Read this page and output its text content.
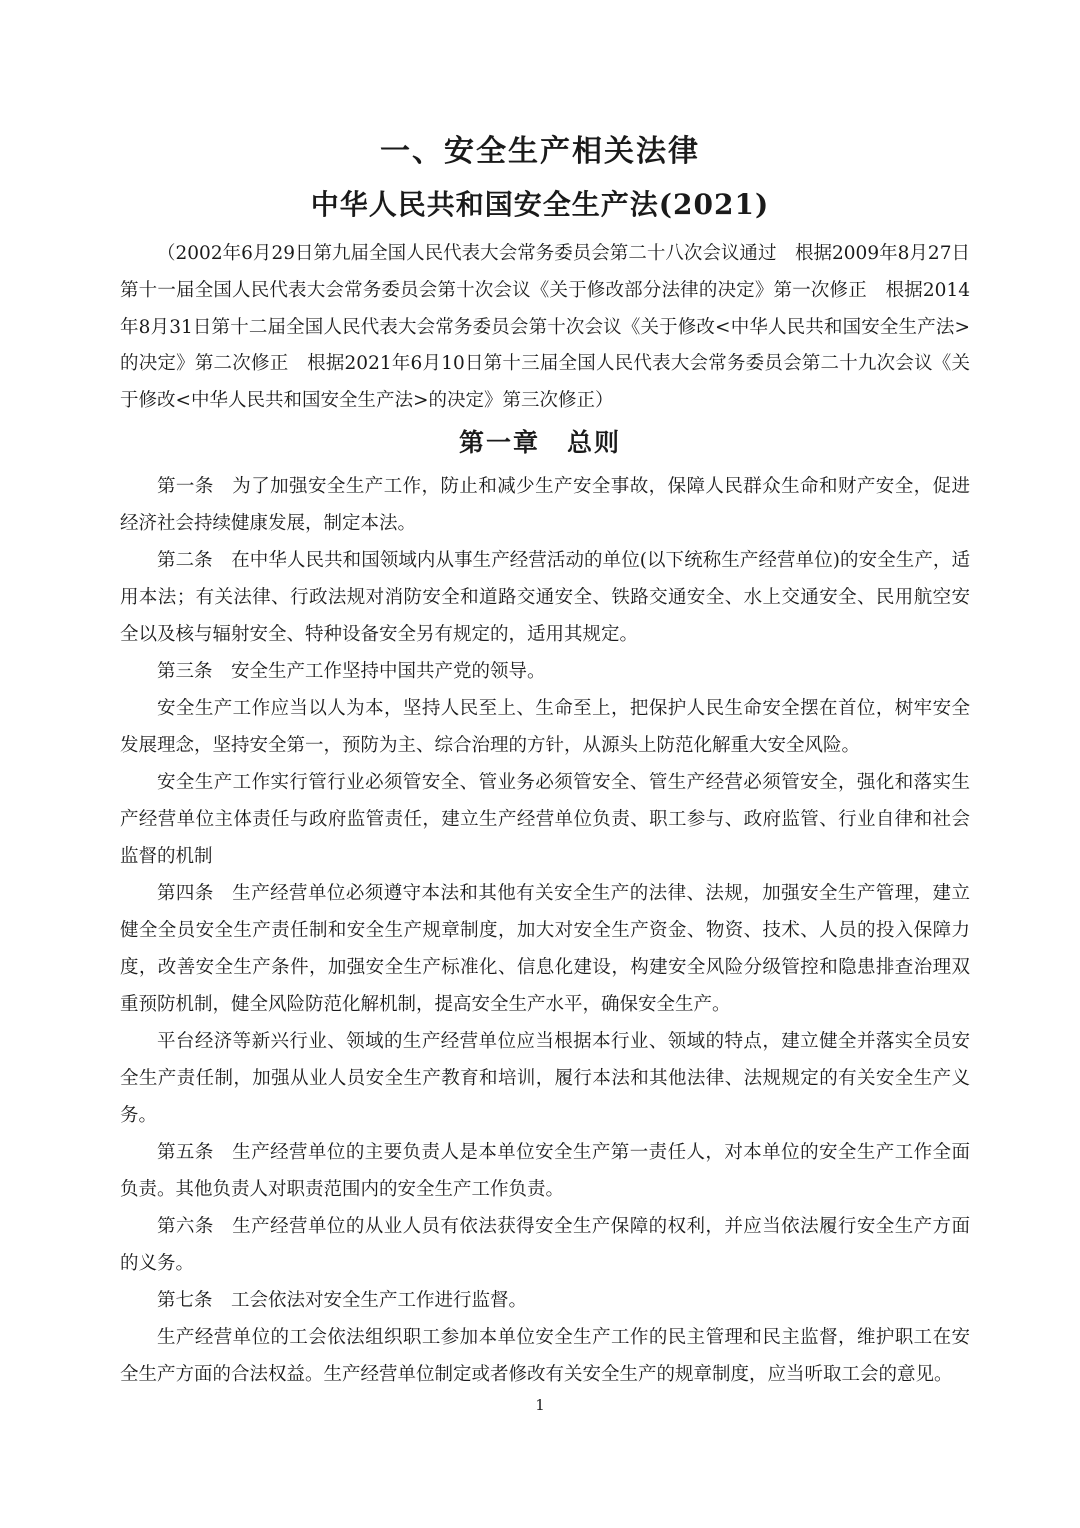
一、安全生产相关法律
中华人民共和国安全生产法(2021)

（2002年6月29日第九届全国人民代表大会常务委员会第二十八次会议通过　根据2009年8月27日第十一届全国人民代表大会常务委员会第十次会议《关于修改部分法律的决定》第一次修正　根据2014年8月31日第十二届全国人民代表大会常务委员会第十次会议《关于修改<中华人民共和国安全生产法>的决定》第二次修正　根据2021年6月10日第十三届全国人民代表大会常务委员会第二十九次会议《关于修改<中华人民共和国安全生产法>的决定》第三次修正）

第一章　总则

第一条 为了加强安全生产工作，防止和减少生产安全事故，保障人民群众生命和财产安全，促进经济社会持续健康发展，制定本法。

第二条 在中华人民共和国领域内从事生产经营活动的单位(以下统称生产经营单位)的安全生产，适用本法；有关法律、行政法规对消防安全和道路交通安全、铁路交通安全、水上交通安全、民用航空安全以及核与辐射安全、特种设备安全另有规定的，适用其规定。

第三条 安全生产工作坚持中国共产党的领导。

安全生产工作应当以人为本，坚持人民至上、生命至上，把保护人民生命安全摆在首位，树牢安全发展理念，坚持安全第一，预防为主、综合治理的方针，从源头上防范化解重大安全风险。

安全生产工作实行管行业必须管安全、管业务必须管安全、管生产经营必须管安全，强化和落实生产经营单位主体责任与政府监管责任，建立生产经营单位负责、职工参与、政府监管、行业自律和社会监督的机制

第四条 生产经营单位必须遵守本法和其他有关安全生产的法律、法规，加强安全生产管理，建立健全全员安全生产责任制和安全生产规章制度，加大对安全生产资金、物资、技术、人员的投入保障力度，改善安全生产条件，加强安全生产标准化、信息化建设，构建安全风险分级管控和隐患排查治理双重预防机制，健全风险防范化解机制，提高安全生产水平，确保安全生产。

平台经济等新兴行业、领域的生产经营单位应当根据本行业、领域的特点，建立健全并落实全员安全生产责任制，加强从业人员安全生产教育和培训，履行本法和其他法律、法规规定的有关安全生产义务。

第五条 生产经营单位的主要负责人是本单位安全生产第一责任人，对本单位的安全生产工作全面负责。其他负责人对职责范围内的安全生产工作负责。

第六条 生产经营单位的从业人员有依法获得安全生产保障的权利，并应当依法履行安全生产方面的义务。

第七条 工会依法对安全生产工作进行监督。

生产经营单位的工会依法组织职工参加本单位安全生产工作的民主管理和民主监督，维护职工在安全生产方面的合法权益。生产经营单位制定或者修改有关安全生产的规章制度，应当听取工会的意见。

1
